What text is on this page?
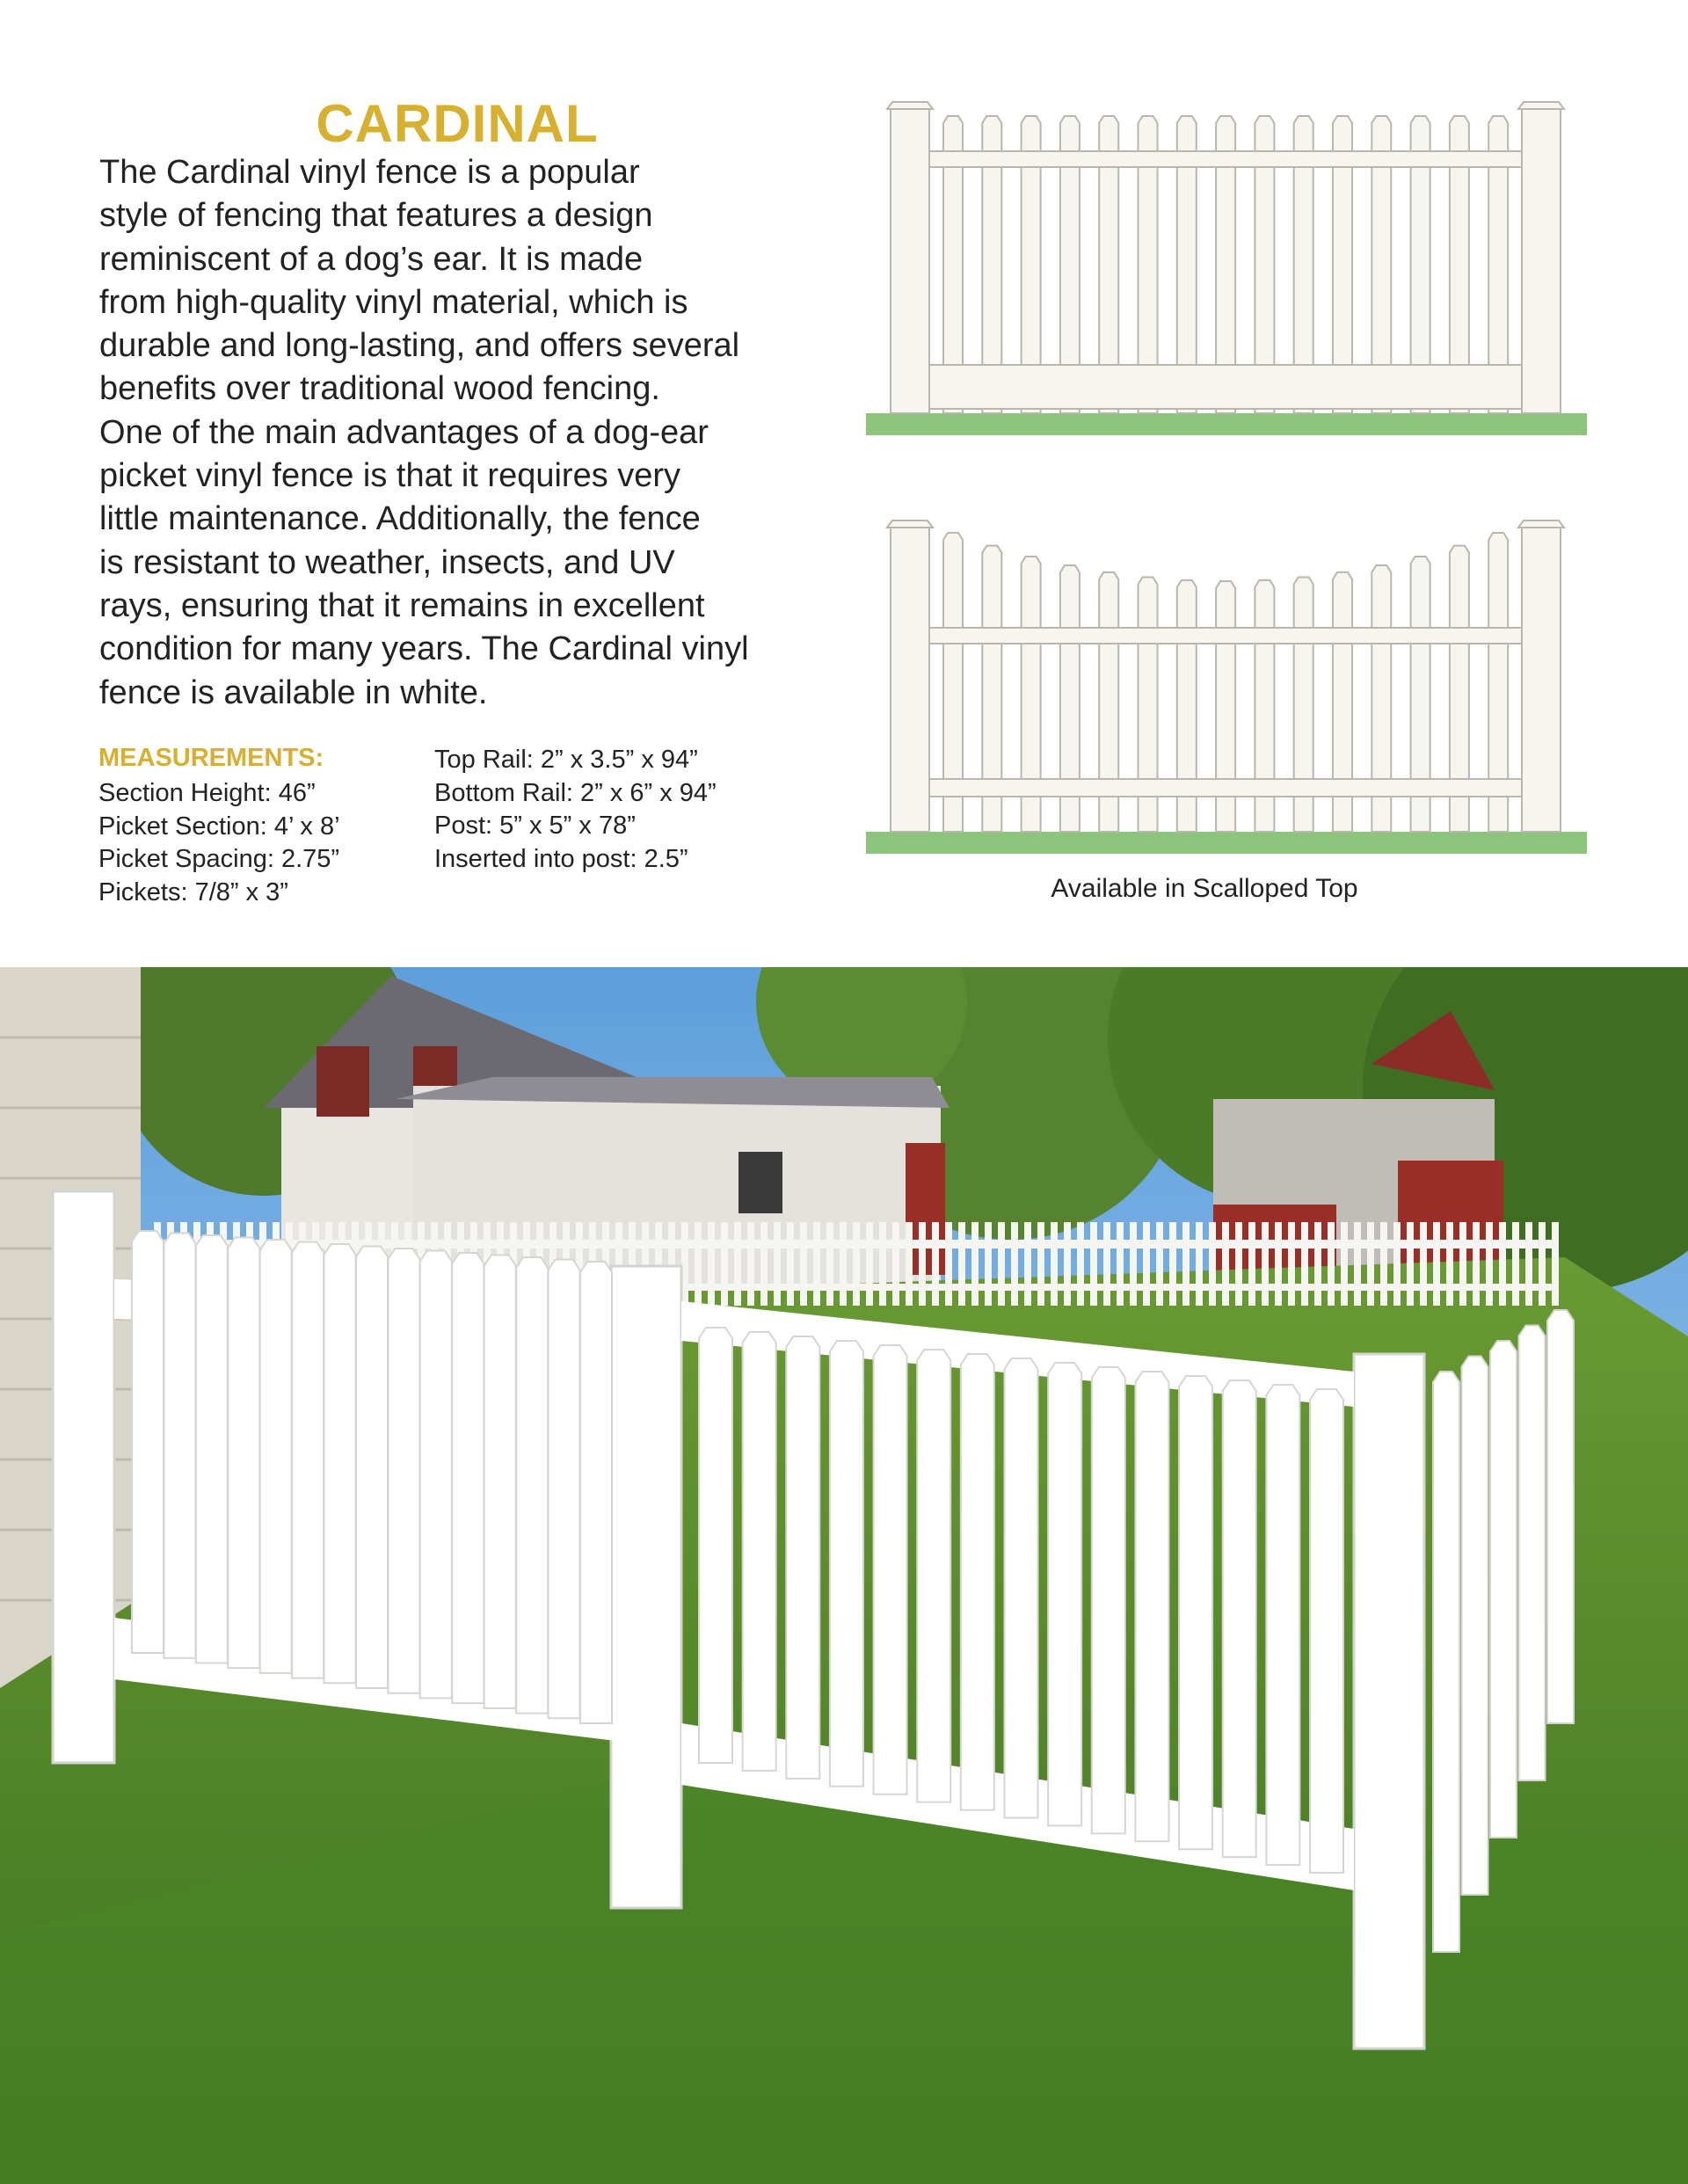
CARDINAL

The Cardinal vinyl fence is a popular

style of fencing that features a design

reminiscent of a dog’s ear. It is made

from high-quality vinyl material, which is

durable and long-lasting, and offers several

benefits over traditional wood fencing.

One of the main advantages of a dog-ear

picket vinyl fence is that it requires very

little maintenance. Additionally, the fence

is resistant to weather, insects, and UV

rays, ensuring that it remains in excellent

condition for many years. The Cardinal vinyl

fence is available in white.

MEASUREMENTS:
Section Height: 46”
Picket Section: 4’ x 8’
Picket Spacing: 2.75”
Pickets: 7/8” x 3”
Top Rail: 2” x 3.5” x 94”
Bottom Rail: 2” x 6” x 94”
Post: 5” x 5” x 78”
Inserted into post: 2.5”
Available in Scalloped Top
